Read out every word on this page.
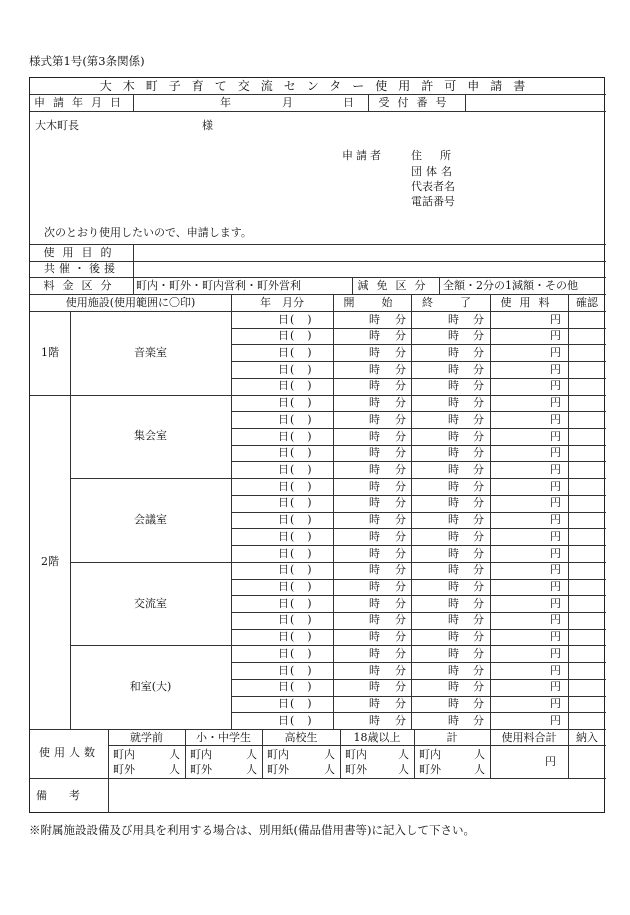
様式第1号(第3条関係)
大木町子育て交流センター使用許可申請書
申請年月日	年	月	日	受付番号
大木町長	様
申請者 住所
団体名
代表者名
電話番号
次のとおり使用したいので、申請します。
使用目的
共催・後援
料金区分	町内・町外・町内営利・町外営利	減免区分 全額・2分の1減額・その他
使用施設(使用範囲に〇印)	年　月分	開　始	終　了	使用料	確認
1階	音楽室
日(　)	時 分	時 分	円
日(　)	時 分	時 分	円
日(　)	時 分	時 分	円
日(　)	時 分	時 分	円
日(　)	時 分	時 分	円
2階
集会室
日(　)	時 分	時 分	円
日(　)	時 分	時 分	円
日(　)	時 分	時 分	円
日(　)	時 分	時 分	円
日(　)	時 分	時 分	円
会議室
日(　)	時 分	時 分	円
日(　)	時 分	時 分	円
日(　)	時 分	時 分	円
日(　)	時 分	時 分	円
日(　)	時 分	時 分	円
交流室
日(　)	時 分	時 分	円
日(　)	時 分	時 分	円
日(　)	時 分	時 分	円
日(　)	時 分	時 分	円
日(　)	時 分	時 分	円
和室(大)
日(　)	時 分	時 分	円
日(　)	時 分	時 分	円
日(　)	時 分	時 分	円
日(　)	時 分	時 分	円
日(　)	時 分	時 分	円
使用人数
就学前
町内	人
町外	人
小・中学生
町内	人
町外	人
高校生
町内	人
町外	人
18歳以上
町内	人
町外	人
計
町内	人
町外	人
使用料合計
円
納入
備考
※附属施設設備及び用具を利用する場合は、別用紙(備品借用書等)に記入して下さい。
